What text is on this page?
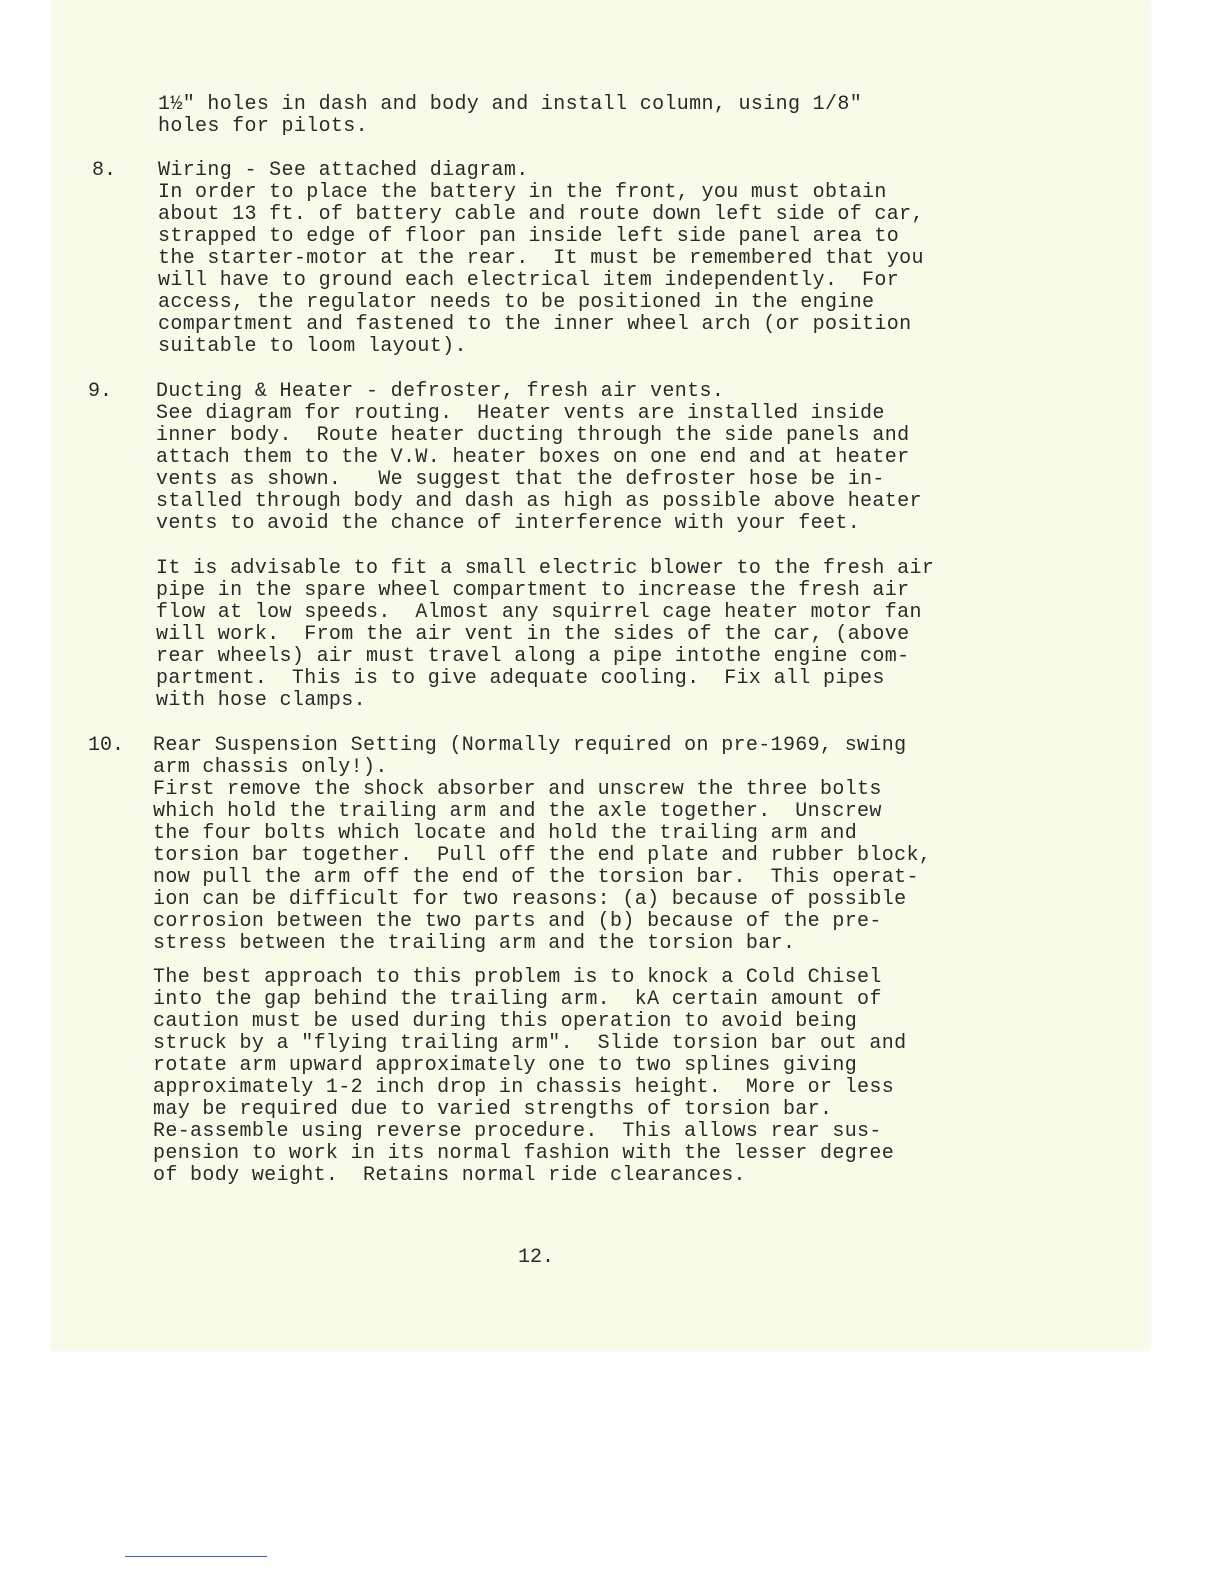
1½" holes in dash and body and install column, using 1/8"
holes for pilots.
8. Wiring - See attached diagram.
In order to place the battery in the front, you must obtain
about 13 ft. of battery cable and route down left side of car,
strapped to edge of floor pan inside left side panel area to
the starter-motor at the rear.  It must be remembered that you
will have to ground each electrical item independently.  For
access, the regulator needs to be positioned in the engine
compartment and fastened to the inner wheel arch (or position
suitable to loom layout).
9. Ducting & Heater - defroster, fresh air vents.
See diagram for routing.  Heater vents are installed inside
inner body.  Route heater ducting through the side panels and
attach them to the V.W. heater boxes on one end and at heater
vents as shown.   We suggest that the defroster hose be in-
stalled through body and dash as high as possible above heater
vents to avoid the chance of interference with your feet.
It is advisable to fit a small electric blower to the fresh air
pipe in the spare wheel compartment to increase the fresh air
flow at low speeds.  Almost any squirrel cage heater motor fan
will work.  From the air vent in the sides of the car, (above
rear wheels) air must travel along a pipe intothe engine com-
partment.  This is to give adequate cooling.  Fix all pipes
with hose clamps.
10. Rear Suspension Setting (Normally required on pre-1969, swing
arm chassis only!).
First remove the shock absorber and unscrew the three bolts
which hold the trailing arm and the axle together.  Unscrew
the four bolts which locate and hold the trailing arm and
torsion bar together.  Pull off the end plate and rubber block,
now pull the arm off the end of the torsion bar.  This operat-
ion can be difficult for two reasons: (a) because of possible
corrosion between the two parts and (b) because of the pre-
stress between the trailing arm and the torsion bar.
The best approach to this problem is to knock a Cold Chisel
into the gap behind the trailing arm.  kA certain amount of
caution must be used during this operation to avoid being
struck by a "flying trailing arm".  Slide torsion bar out and
rotate arm upward approximately one to two splines giving
approximately 1-2 inch drop in chassis height.  More or less
may be required due to varied strengths of torsion bar.
Re-assemble using reverse procedure.  This allows rear sus-
pension to work in its normal fashion with the lesser degree
of body weight.  Retains normal ride clearances.
12.
